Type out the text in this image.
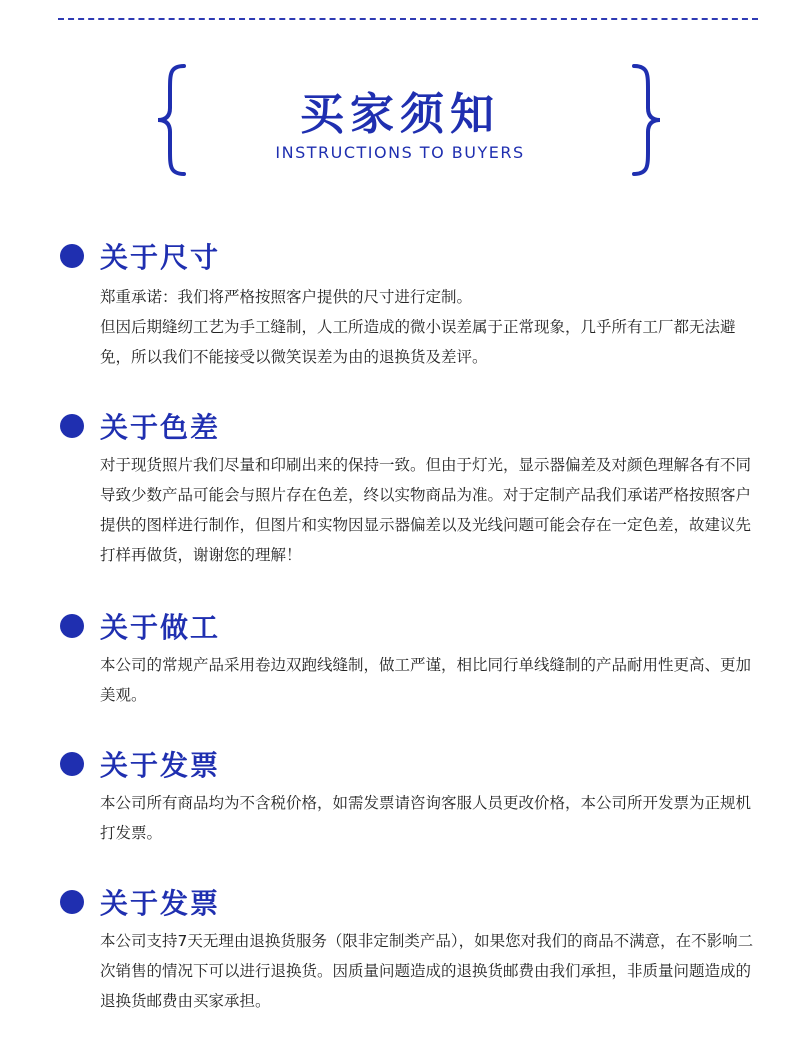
买家须知
INSTRUCTIONS TO BUYERS
关于尺寸

郑重承诺：我们将严格按照客户提供的尺寸进行定制。

但因后期缝纫工艺为手工缝制，人工所造成的微小误差属于正常现象，几乎所有工厂都无法避免，所以我们不能接受以微笑误差为由的退换货及差评。

关于色差

对于现货照片我们尽量和印刷出来的保持一致。但由于灯光，显示器偏差及对颜色理解各有不同导致少数产品可能会与照片存在色差，终以实物商品为准。对于定制产品我们承诺严格按照客户提供的图样进行制作，但图片和实物因显示器偏差以及光线问题可能会存在一定色差，故建议先打样再做货，谢谢您的理解！

关于做工

本公司的常规产品采用卷边双跑线缝制，做工严谨，相比同行单线缝制的产品耐用性更高、更加美观。

关于发票

本公司所有商品均为不含税价格，如需发票请咨询客服人员更改价格，本公司所开发票为正规机打发票。

关于发票

本公司支持7天无理由退换货服务（限非定制类产品），如果您对我们的商品不满意，在不影响二次销售的情况下可以进行退换货。因质量问题造成的退换货邮费由我们承担，非质量问题造成的退换货邮费由买家承担。
